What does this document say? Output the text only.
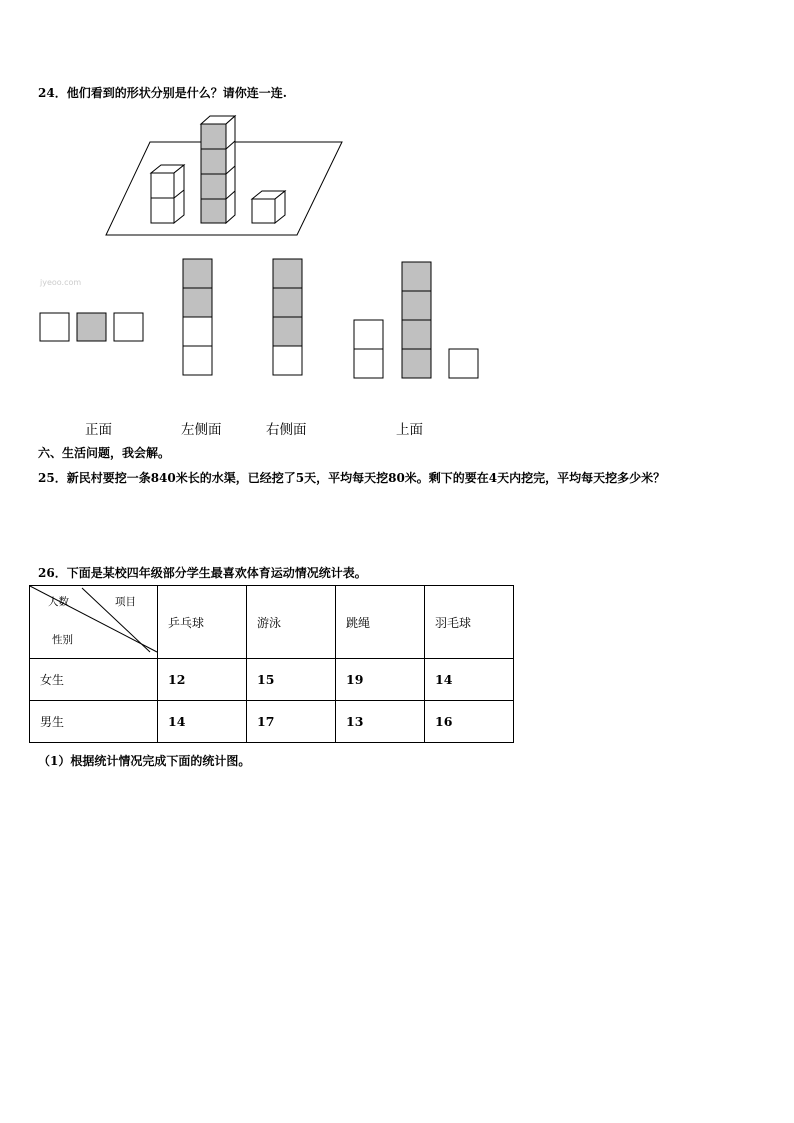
24．他们看到的形状分别是什么？请你连一连.
jyeoo.com
正面	左侧面	右侧面	上面
六、生活问题，我会解。
25．新民村要挖一条840米长的水渠，已经挖了5天，平均每天挖80米。剩下的要在4天内挖完，平均每天挖多少米？
26．下面是某校四年级部分学生最喜欢体育运动情况统计表。
人数 项目
性别	乒乓球	游泳	跳绳	羽毛球
女生	12	15	19	14
男生	14	17	13	16
（1）根据统计情况完成下面的统计图。
